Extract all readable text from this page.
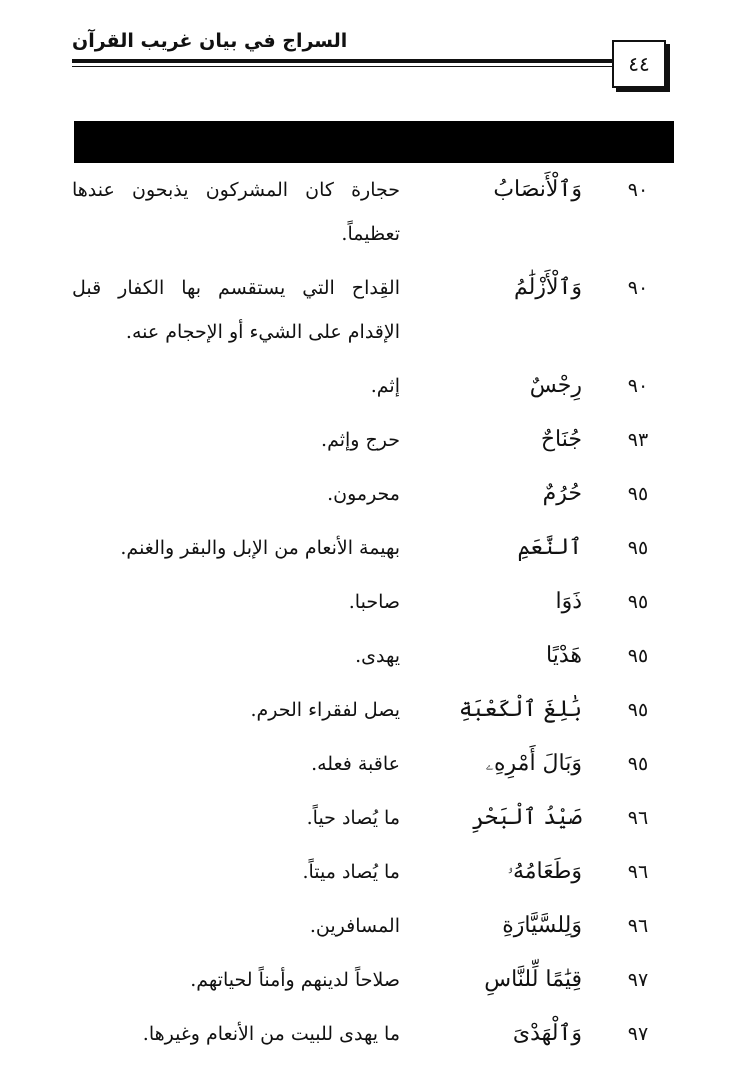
السراج في بيان غريب القرآن
٤٤
٩٠
وَٱلْأَنصَابُ
حجارة كان المشركون يذبحون عندها تعظيماً.
٩٠
وَٱلْأَزْلَٰمُ
القِداح التي يستقسم بها الكفار قبل الإقدام على الشيء أو الإحجام عنه.
٩٠
رِجْسٌ
إثم.
٩٣
جُنَاحٌ
حرج وإثم.
٩٥
حُرُمٌ
محرمون.
٩٥
ٱلنَّعَمِ
بهيمة الأنعام من الإبل والبقر والغنم.
٩٥
ذَوَا
صاحبا.
٩٥
هَدْيًا
يهدى.
٩٥
بَٰلِغَ ٱلْكَعْبَةِ
يصل لفقراء الحرم.
٩٥
وَبَالَ أَمْرِهِۦ
عاقبة فعله.
٩٦
صَيْدُ ٱلْبَحْرِ
ما يُصاد حياً.
٩٦
وَطَعَامُهُۥ
ما يُصاد ميتاً.
٩٦
وَلِلسَّيَّارَةِ
المسافرين.
٩٧
قِيَٰمًا لِّلنَّاسِ
صلاحاً لدينهم وأمناً لحياتهم.
٩٧
وَٱلْهَدْىَ
ما يهدى للبيت من الأنعام وغيرها.
